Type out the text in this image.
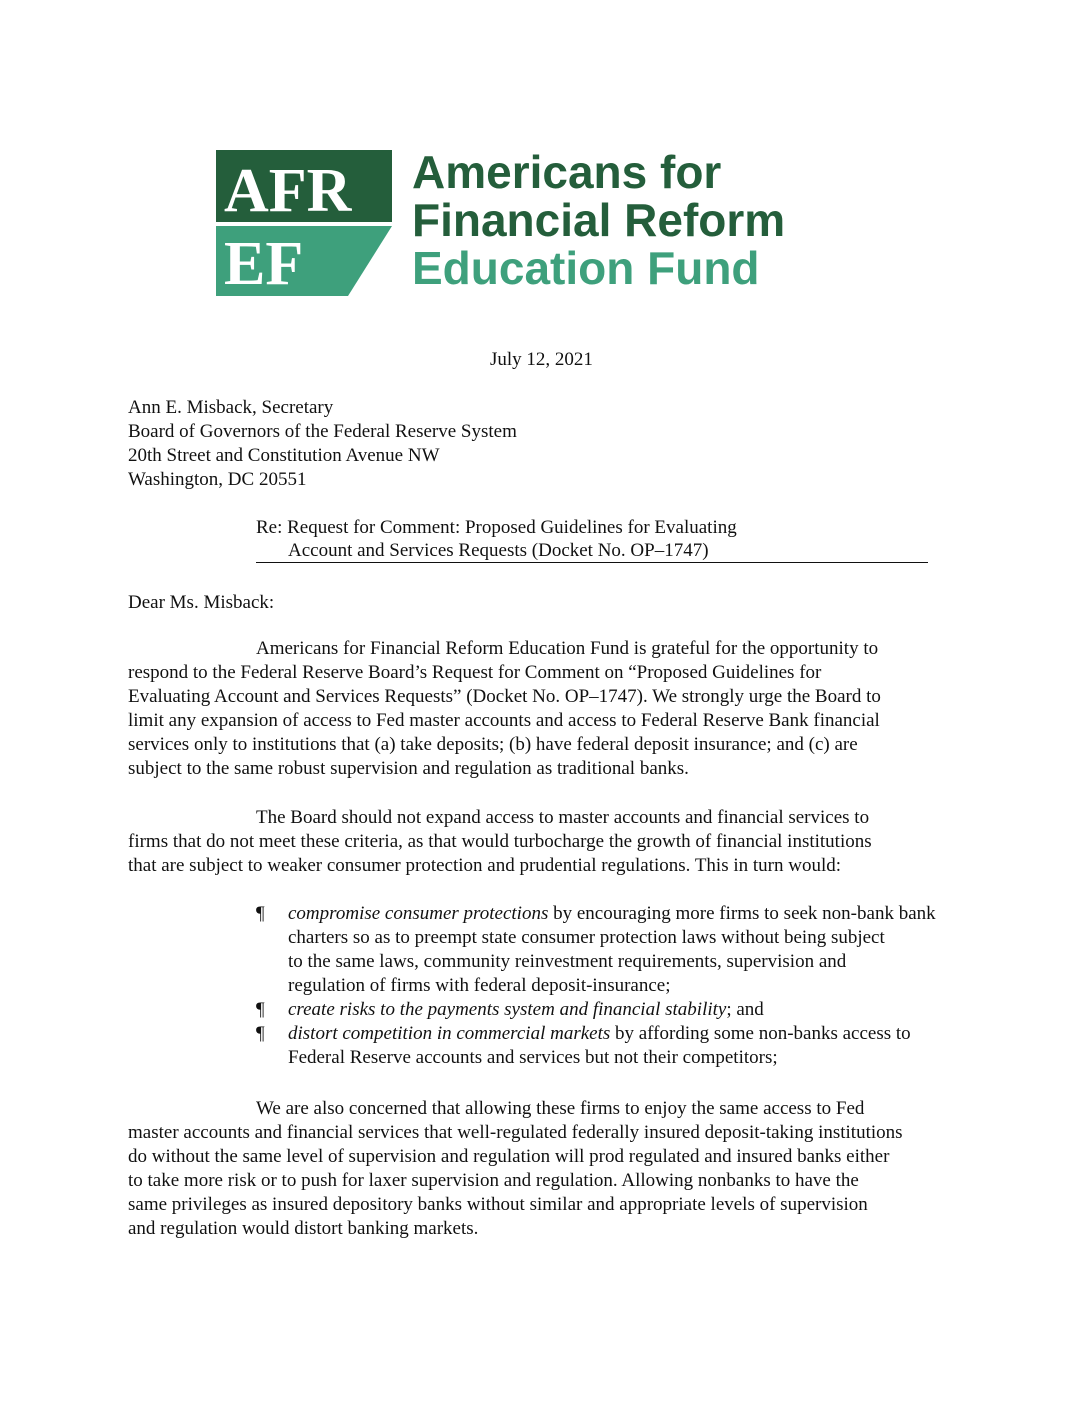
AFR
EF
Americans for
Financial Reform
Education Fund
July 12, 2021
Ann E. Misback, Secretary
Board of Governors of the Federal Reserve System
20th Street and Constitution Avenue NW
Washington, DC 20551
Re: Request for Comment: Proposed Guidelines for Evaluating
Account and Services Requests (Docket No. OP–1747)
Dear Ms. Misback:
Americans for Financial Reform Education Fund is grateful for the opportunity to
respond to the Federal Reserve Board’s Request for Comment on “Proposed Guidelines for
Evaluating Account and Services Requests” (Docket No. OP–1747). We strongly urge the Board to
limit any expansion of access to Fed master accounts and access to Federal Reserve Bank financial
services only to institutions that (a) take deposits; (b) have federal deposit insurance; and (c) are
subject to the same robust supervision and regulation as traditional banks.
The Board should not expand access to master accounts and financial services to
firms that do not meet these criteria, as that would turbocharge the growth of financial institutions
that are subject to weaker consumer protection and prudential regulations. This in turn would:
¶ compromise consumer protections by encouraging more firms to seek non-bank bank
charters so as to preempt state consumer protection laws without being subject
to the same laws, community reinvestment requirements, supervision and
regulation of firms with federal deposit-insurance;
¶ create risks to the payments system and financial stability; and
¶ distort competition in commercial markets by affording some non-banks access to
Federal Reserve accounts and services but not their competitors;
We are also concerned that allowing these firms to enjoy the same access to Fed
master accounts and financial services that well-regulated federally insured deposit-taking institutions
do without the same level of supervision and regulation will prod regulated and insured banks either
to take more risk or to push for laxer supervision and regulation. Allowing nonbanks to have the
same privileges as insured depository banks without similar and appropriate levels of supervision
and regulation would distort banking markets.
